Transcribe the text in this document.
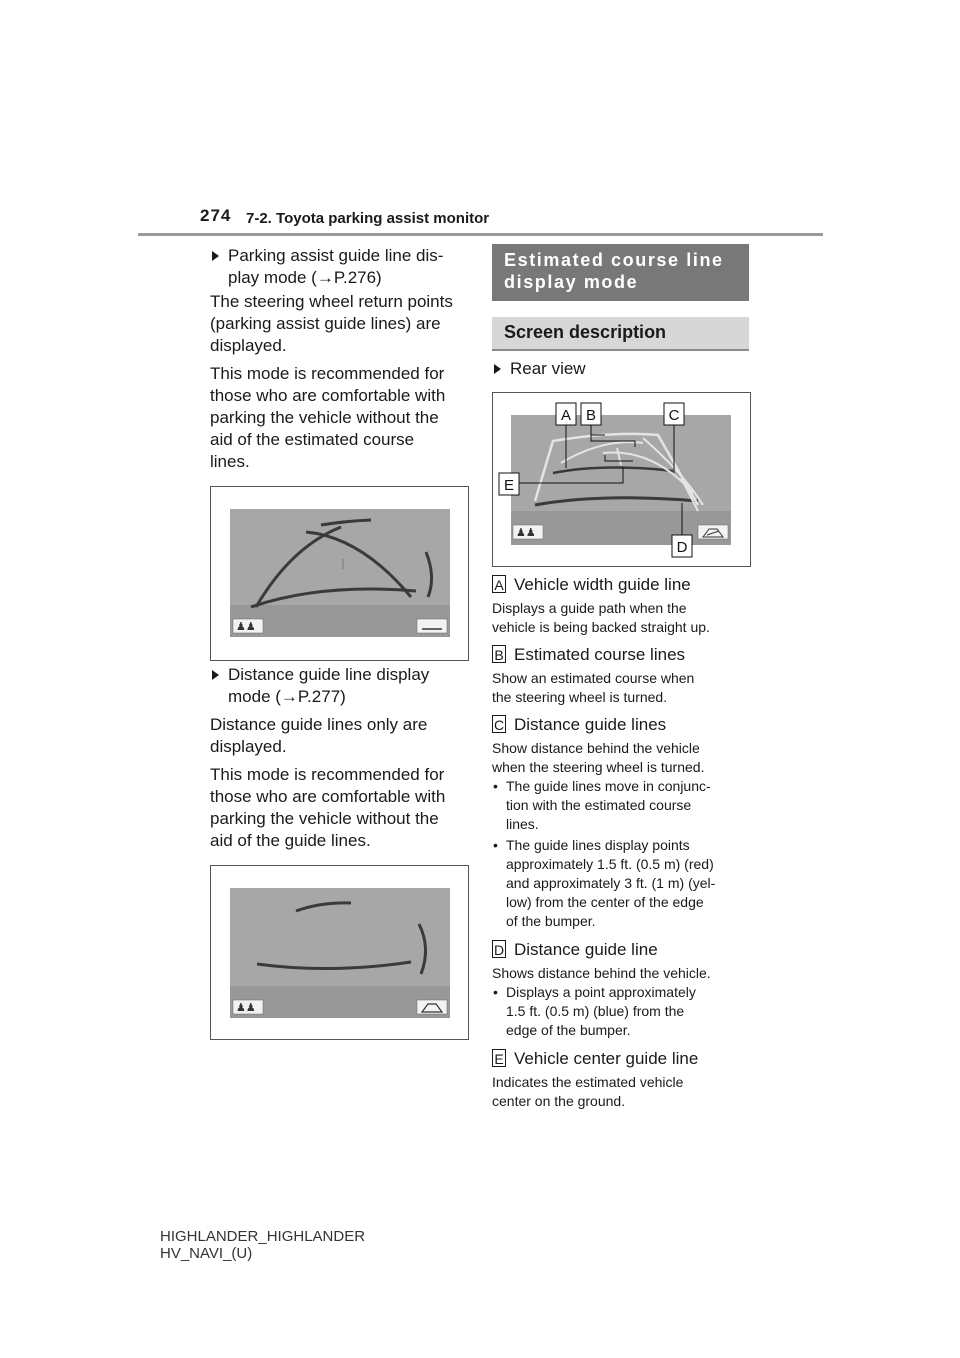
274 7-2. Toyota parking assist monitor
Parking assist guide line dis-
play mode (→P.276)
The steering wheel return points
(parking assist guide lines) are
displayed.
This mode is recommended for
those who are comfortable with
parking the vehicle without the
aid of the estimated course
lines.
♟♟
Distance guide line display
mode (→P.277)
Distance guide lines only are
displayed.
This mode is recommended for
those who are comfortable with
parking the vehicle without the
aid of the guide lines.
♟♟
Estimated course line
display mode
Screen description
Rear view
A B	C
E
D
♟♟
A Vehicle width guide line
Displays a guide path when the
vehicle is being backed straight up.
B Estimated course lines
Show an estimated course when
the steering wheel is turned.
C Distance guide lines
Show distance behind the vehicle
when the steering wheel is turned.
• The guide lines move in conjunc-
tion with the estimated course
lines.
• The guide lines display points
approximately 1.5 ft. (0.5 m) (red)
and approximately 3 ft. (1 m) (yel-
low) from the center of the edge
of the bumper.
D Distance guide line
Shows distance behind the vehicle.
• Displays a point approximately
1.5 ft. (0.5 m) (blue) from the
edge of the bumper.
E Vehicle center guide line
Indicates the estimated vehicle
center on the ground.
HIGHLANDER_HIGHLANDER
HV_NAVI_(U)
